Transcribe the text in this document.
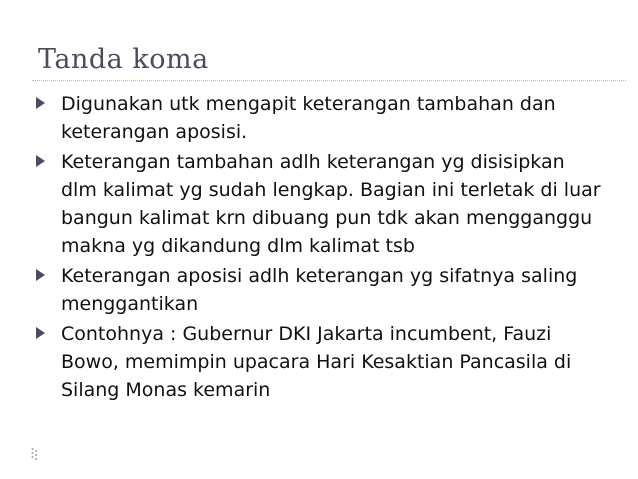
Tanda koma
Digunakan utk mengapit keterangan tambahan dan keterangan aposisi.
Keterangan tambahan adlh keterangan yg disisipkan dlm kalimat yg sudah lengkap. Bagian ini terletak di luar bangun kalimat krn dibuang pun tdk akan mengganggu makna yg dikandung dlm kalimat tsb
Keterangan aposisi adlh keterangan yg sifatnya saling menggantikan
Contohnya : Gubernur DKI Jakarta incumbent, Fauzi Bowo, memimpin upacara Hari Kesaktian Pancasila di Silang Monas kemarin
